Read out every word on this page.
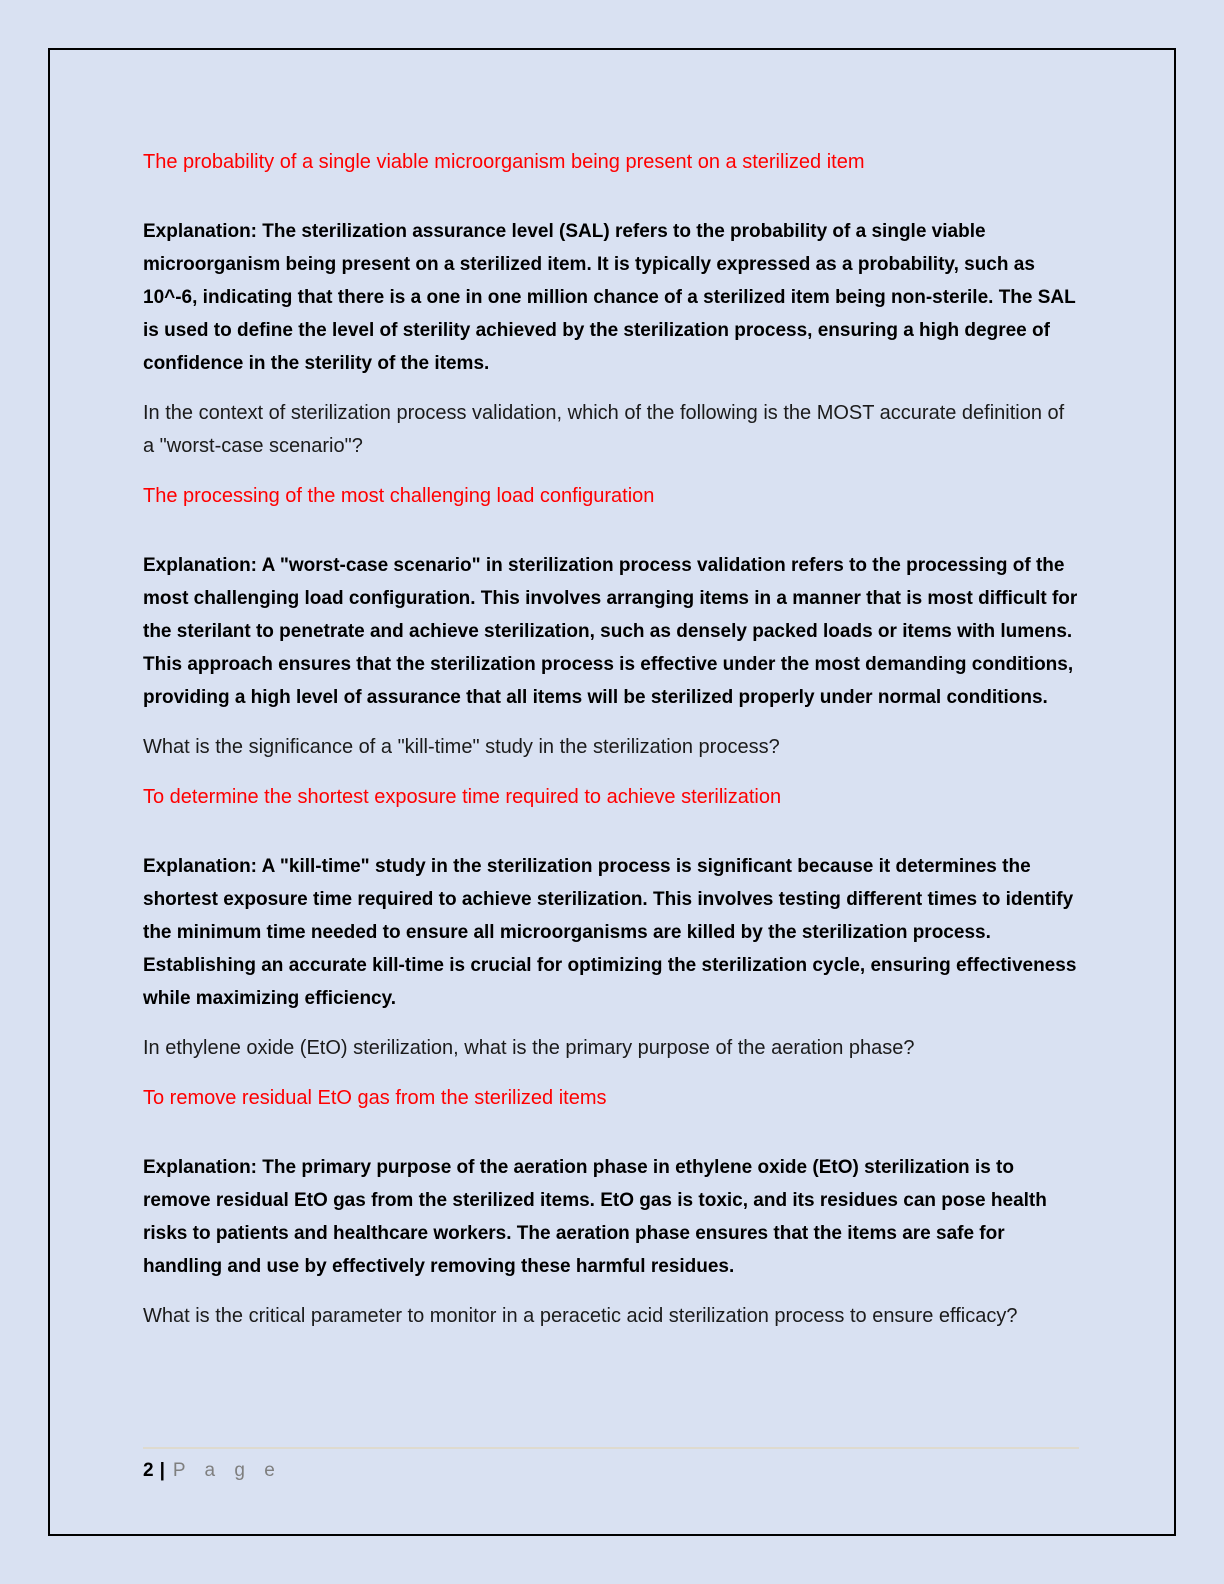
The probability of a single viable microorganism being present on a sterilized item

Explanation: The sterilization assurance level (SAL) refers to the probability of a single viable microorganism being present on a sterilized item. It is typically expressed as a probability, such as 10^-6, indicating that there is a one in one million chance of a sterilized item being non-sterile. The SAL is used to define the level of sterility achieved by the sterilization process, ensuring a high degree of confidence in the sterility of the items.

In the context of sterilization process validation, which of the following is the MOST accurate definition of a "worst-case scenario"?

The processing of the most challenging load configuration

Explanation: A "worst-case scenario" in sterilization process validation refers to the processing of the most challenging load configuration. This involves arranging items in a manner that is most difficult for the sterilant to penetrate and achieve sterilization, such as densely packed loads or items with lumens. This approach ensures that the sterilization process is effective under the most demanding conditions, providing a high level of assurance that all items will be sterilized properly under normal conditions.

What is the significance of a "kill-time" study in the sterilization process?

To determine the shortest exposure time required to achieve sterilization

Explanation: A "kill-time" study in the sterilization process is significant because it determines the shortest exposure time required to achieve sterilization. This involves testing different times to identify the minimum time needed to ensure all microorganisms are killed by the sterilization process. Establishing an accurate kill-time is crucial for optimizing the sterilization cycle, ensuring effectiveness while maximizing efficiency.

In ethylene oxide (EtO) sterilization, what is the primary purpose of the aeration phase?

To remove residual EtO gas from the sterilized items

Explanation: The primary purpose of the aeration phase in ethylene oxide (EtO) sterilization is to remove residual EtO gas from the sterilized items. EtO gas is toxic, and its residues can pose health risks to patients and healthcare workers. The aeration phase ensures that the items are safe for handling and use by effectively removing these harmful residues.

What is the critical parameter to monitor in a peracetic acid sterilization process to ensure efficacy?

2 | P a g e
